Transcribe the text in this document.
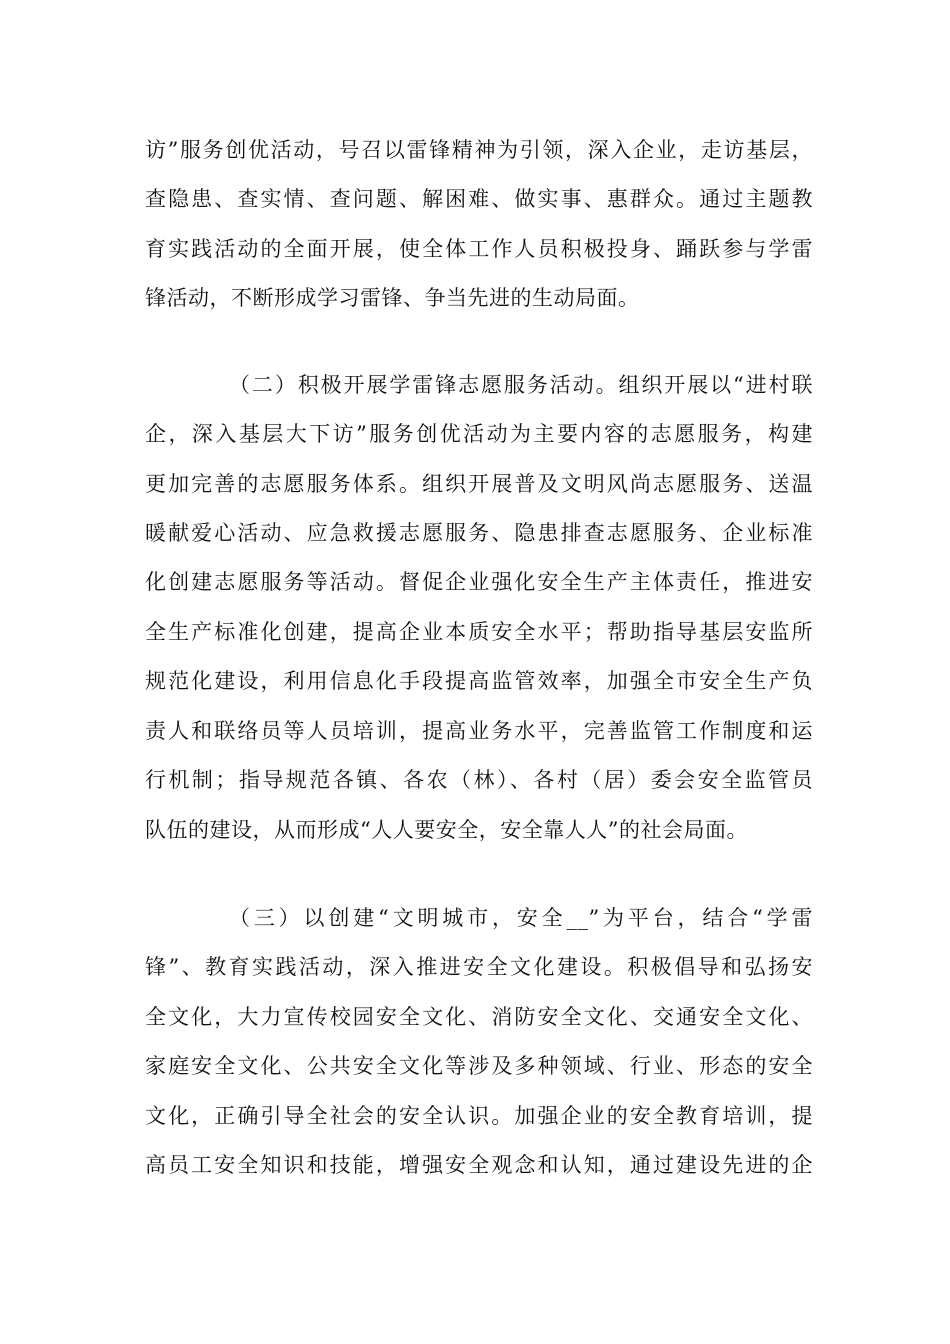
访”服务创优活动，号召以雷锋精神为引领，深入企业，走访基层，
查隐患、查实情、查问题、解困难、做实事、惠群众。通过主题教
育实践活动的全面开展，使全体工作人员积极投身、踊跃参与学雷
锋活动，不断形成学习雷锋、争当先进的生动局面。
（二）积极开展学雷锋志愿服务活动。组织开展以“进村联
企，深入基层大下访”服务创优活动为主要内容的志愿服务，构建
更加完善的志愿服务体系。组织开展普及文明风尚志愿服务、送温
暖献爱心活动、应急救援志愿服务、隐患排查志愿服务、企业标准
化创建志愿服务等活动。督促企业强化安全生产主体责任，推进安
全生产标准化创建，提高企业本质安全水平；帮助指导基层安监所
规范化建设，利用信息化手段提高监管效率，加强全市安全生产负
责人和联络员等人员培训，提高业务水平，完善监管工作制度和运
行机制；指导规范各镇、各农（林）、各村（居）委会安全监管员
队伍的建设，从而形成“人人要安全，安全靠人人”的社会局面。
（三）以创建“文明城市，安全__”为平台，结合“学雷
锋”、教育实践活动，深入推进安全文化建设。积极倡导和弘扬安
全文化，大力宣传校园安全文化、消防安全文化、交通安全文化、
家庭安全文化、公共安全文化等涉及多种领域、行业、形态的安全
文化，正确引导全社会的安全认识。加强企业的安全教育培训，提
高员工安全知识和技能，增强安全观念和认知，通过建设先进的企
